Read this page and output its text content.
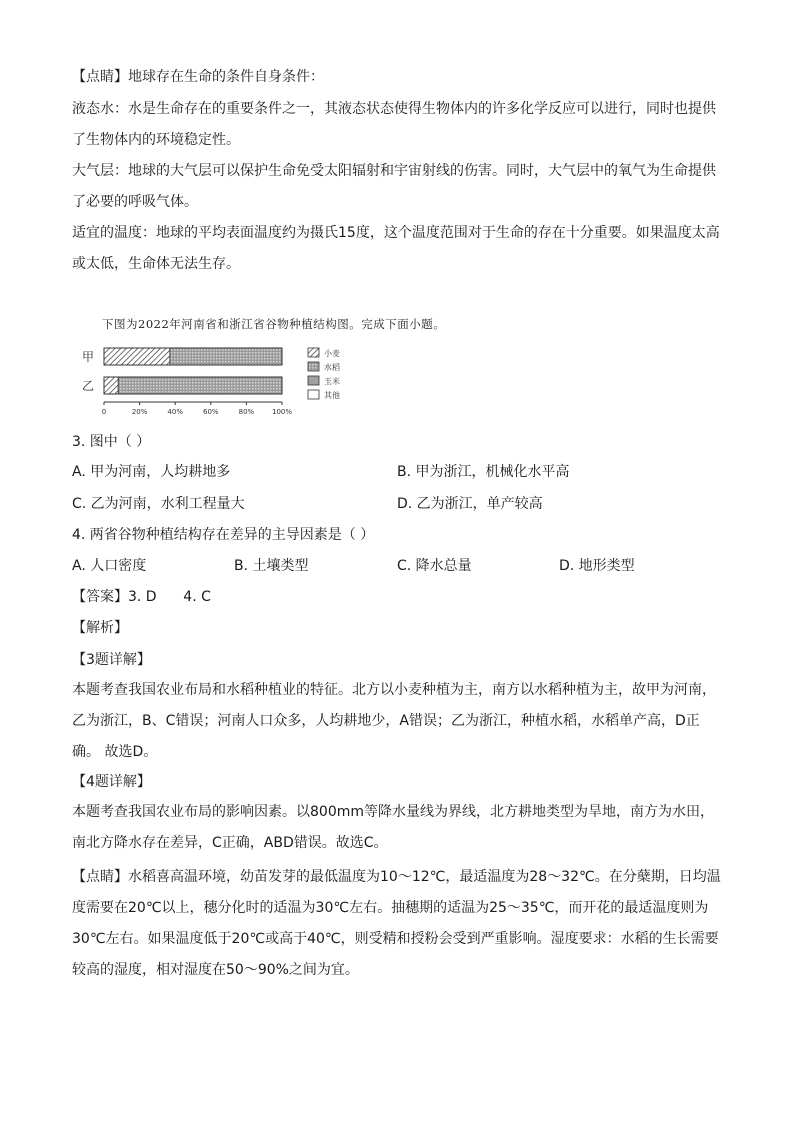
【点睛】地球存在生命的条件自身条件：

液态水：水是生命存在的重要条件之一，其液态状态使得生物体内的许多化学反应可以进行，同时也提供了生物体内的环境稳定性。

大气层：地球的大气层可以保护生命免受太阳辐射和宇宙射线的伤害。同时，大气层中的氧气为生命提供了必要的呼吸气体。

适宜的温度：地球的平均表面温度约为摄氏15度，这个温度范围对于生命的存在十分重要。如果温度太高或太低，生命体无法生存。

下图为2022年河南省和浙江省谷物种植结构图。完成下面小题。
甲
乙
0	20%	40%	60%	80%	100%
小麦
水稻
玉米
其他
3. 图中（ ）
A. 甲为河南，人均耕地多	B. 甲为浙江，机械化水平高
C. 乙为河南，水利工程量大	D. 乙为浙江，单产较高
4. 两省谷物种植结构存在差异的主导因素是（ ）
A. 人口密度	B. 土壤类型	C. 降水总量	D. 地形类型
【答案】3. D      4. C
【解析】
【3题详解】

本题考查我国农业布局和水稻种植业的特征。北方以小麦种植为主，南方以水稻种植为主，故甲为河南，乙为浙江，B、C错误；河南人口众多，人均耕地少，A错误；乙为浙江，种植水稻，水稻单产高，D正确。 故选D。

【4题详解】

本题考查我国农业布局的影响因素。以800mm等降水量线为界线，北方耕地类型为旱地，南方为水田，南北方降水存在差异，C正确，ABD错误。故选C。

【点睛】水稻喜高温环境，幼苗发芽的最低温度为10～12℃，最适温度为28～32℃。在分蘖期，日均温度需要在20℃以上，穗分化时的适温为30℃左右。抽穗期的适温为25～35℃，而开花的最适温度则为30℃左右。如果温度低于20℃或高于40℃，则受精和授粉会受到严重影响。湿度要求：水稻的生长需要较高的湿度，相对湿度在50～90%之间为宜。
